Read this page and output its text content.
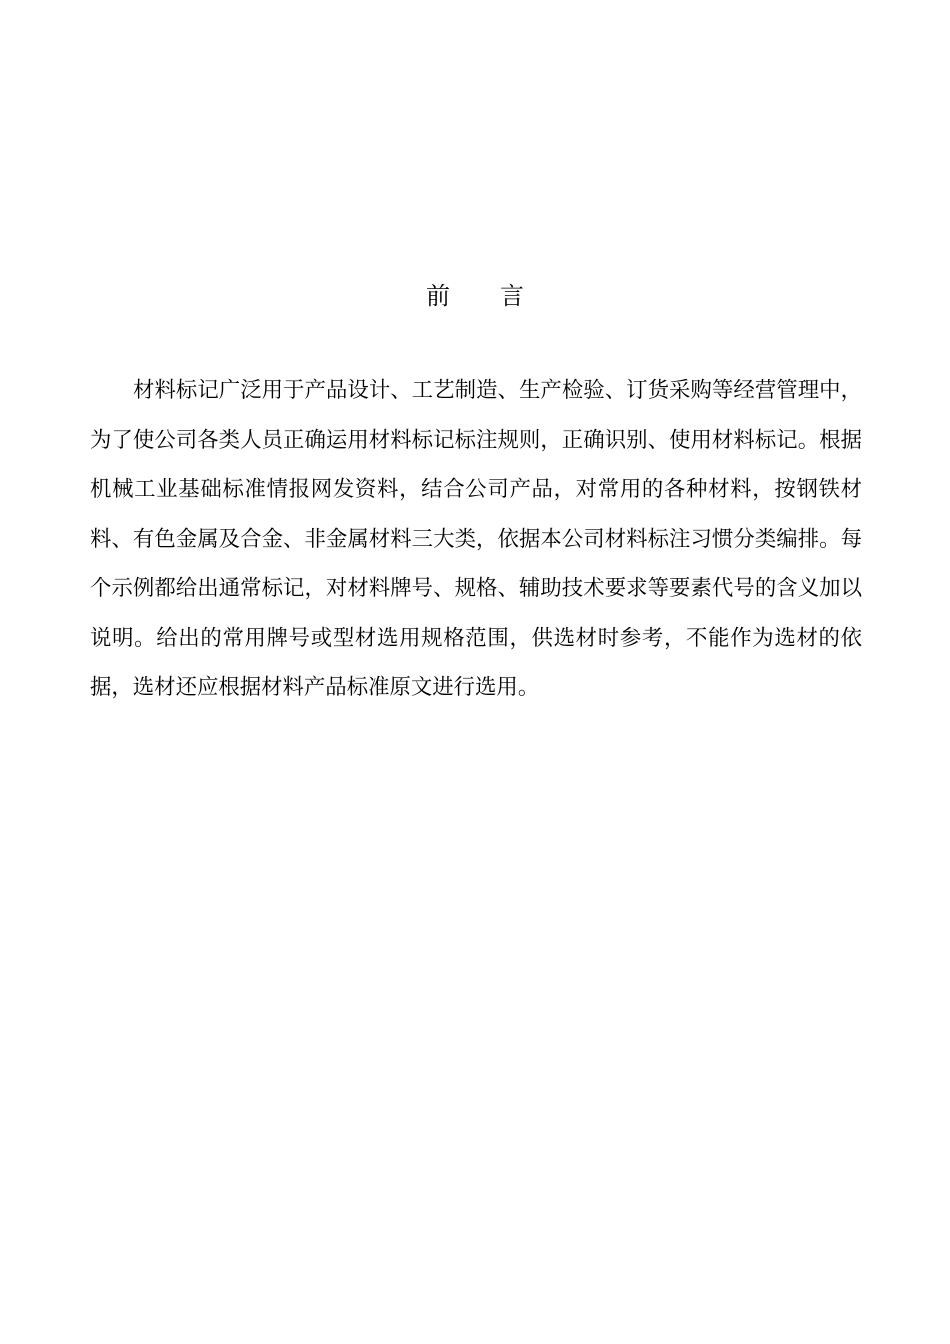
前 言

材料标记广泛用于产品设计、工艺制造、生产检验、订货采购等经营管理中，为了使公司各类人员正确运用材料标记标注规则，正确识别、使用材料标记。根据机械工业基础标准情报网发资料，结合公司产品，对常用的各种材料，按钢铁材料、有色金属及合金、非金属材料三大类，依据本公司材料标注习惯分类编排。每个示例都给出通常标记，对材料牌号、规格、辅助技术要求等要素代号的含义加以说明。给出的常用牌号或型材选用规格范围，供选材时参考，不能作为选材的依据，选材还应根据材料产品标准原文进行选用。
